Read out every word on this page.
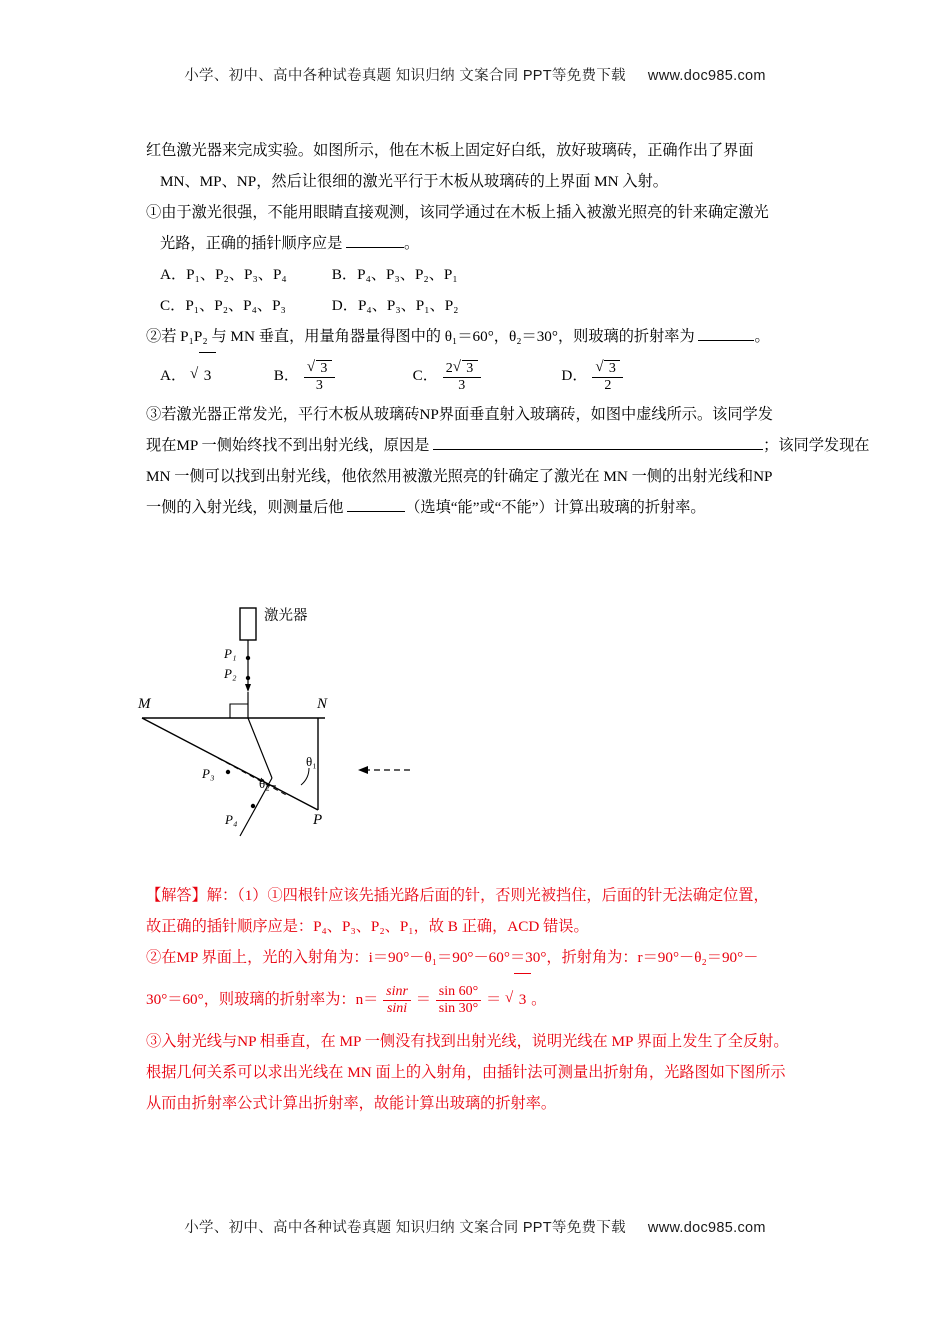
小学、初中、高中各种试卷真题 知识归纳 文案合同 PPT等免费下载 www.doc985.com
红色激光器来完成实验。如图所示，他在木板上固定好白纸，放好玻璃砖，正确作出了界面
MN、MP、NP，然后让很细的激光平行于木板从玻璃砖的上界面 MN 入射。
①由于激光很强，不能用眼睛直接观测，该同学通过在木板上插入被激光照亮的针来确定激光
光路，正确的插针顺序应是	。
A．P₁、P₂、P₃、P₄	B．P₄、P₃、P₂、P₁
C．P₁、P₂、P₄、P₃	D．P₄、P₃、P₁、P₂
②若 P₁P₂ 与 MN 垂直，用量角器量得图中的 θ₁＝60°，θ₂＝30°，则玻璃的折射率为	。
A． √  3	B． √  $\frac{3}{3}$	C． $\frac{2√ 3}{3}$	D． √  $\frac{3}{2}$
③若激光器正常发光，平行木板从玻璃砖NP界面垂直射入玻璃砖，如图中虚线所示。该同学发
现在MP 一侧始终找不到出射光线，原因是	；该同学发现在
MN 一侧可以找到出射光线，他依然用被激光照亮的针确定了激光在 MN 一侧的出射光线和NP
一侧的入射光线，则测量后他	（选填“能”或“不能”）计算出玻璃的折射率。
激光器
M	N
P
P₁
P₂
P₃
P₄
θ₁
θ₂
【解答】解：（1）①四根针应该先插光路后面的针，否则光被挡住，后面的针无法确定位置，
故正确的插针顺序应是：P₄、P₃、P₂、P₁，故 B 正确，ACD 错误。
②在MP 界面上，光的入射角为：i＝90°－θ₁＝90°－60°＝30°，折射角为：r＝90°－θ₂＝90°－
30°＝60°，则玻璃的折射率为：$n= \frac{\sin r}{\sin i} = \frac{\sin 60^\circ}{\sin 30^\circ}$ ＝ √  3 。
③入射光线与NP 相垂直，在 MP 一侧没有找到出射光线，说明光线在 MP 界面上发生了全反射。
根据几何关系可以求出光线在 MN 面上的入射角，由插针法可测量出折射角，光路图如下图所示
从而由折射率公式计算出折射率，故能计算出玻璃的折射率。
小学、初中、高中各种试卷真题 知识归纳 文案合同 PPT等免费下载 www.doc985.com
